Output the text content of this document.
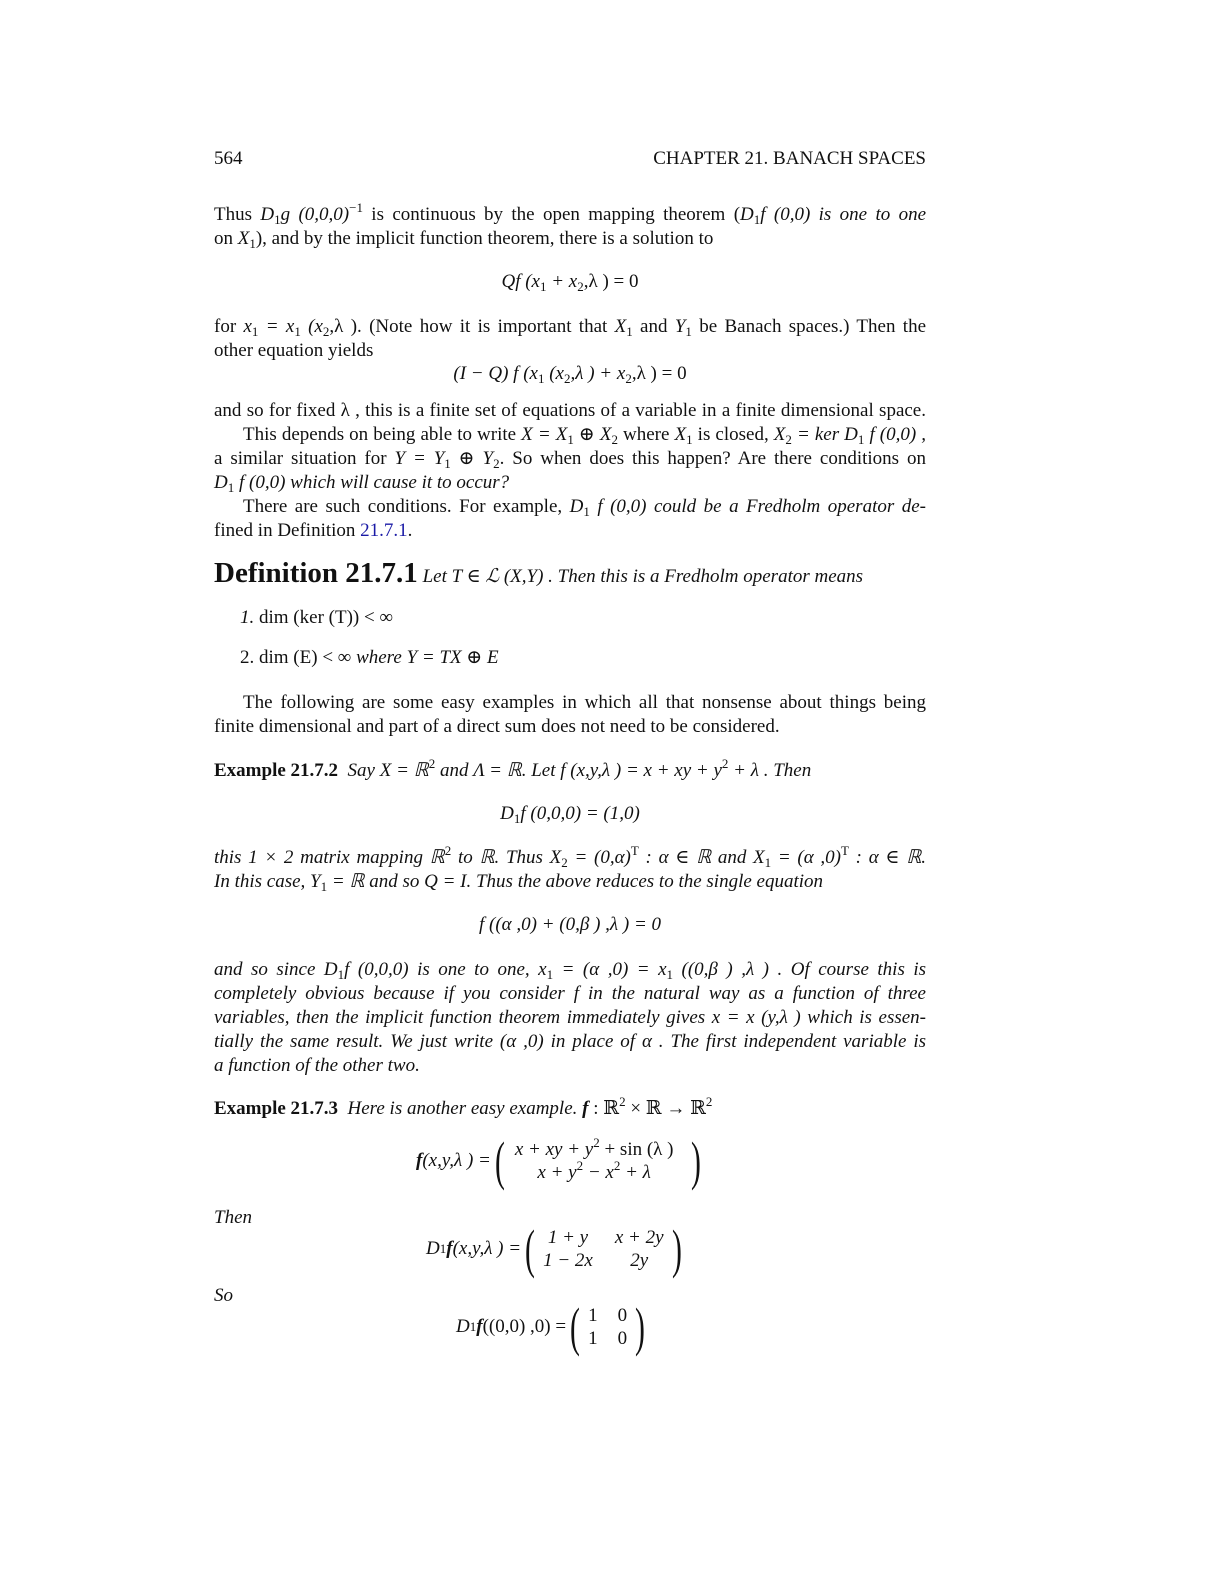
564	CHAPTER 21. BANACH SPACES
Thus $D_1g$ $(0,0,0)^{-1}$ is continuous by the open mapping theorem ($D_1f$ (0,0) is one to one
on $X_1$), and by the implicit function theorem, there is a solution to
Qf ($x_1 + x_2,\lambda$ ) = 0
for $x_1 = x_1$ ($x_2,\lambda$ ). (Note how it is important that $X_1$ and $Y_1$ be Banach spaces.) Then the
other equation yields
(I − Q) f ($x_1$ ($x_2,\lambda$ ) + $x_2,\lambda$ ) = 0
and so for fixed λ , this is a finite set of equations of a variable in a finite dimensional space.
This depends on being able to write $X = X_1$ ⊕ $X_2$ where $X_1$ is closed, $X_2$ = ker $D_1$ f (0,0) ,
a similar situation for $Y = Y_1$ ⊕ $Y_2$. So when does this happen? Are there conditions on
$D_1$ f (0,0) which will cause it to occur?
There are such conditions. For example, $D_1$ f (0,0) could be a Fredholm operator de-
fined in Definition 21.7.1.
Definition 21.7.1 Let T ∈ ℒ (X,Y) . Then this is a Fredholm operator means
1. dim (ker (T)) < ∞
2. dim (E) < ∞ where Y = TX ⊕ E
The following are some easy examples in which all that nonsense about things being
finite dimensional and part of a direct sum does not need to be considered.
Example 21.7.2 Say X = ℝ$^2$ and Λ = ℝ. Let f (x,y,λ ) = x + xy + $y^2 + \lambda$ . Then
$D_1f$ (0,0,0) = (1,0)
this 1 × 2 matrix mapping ℝ$^2$ to ℝ. Thus $X_2 = (0,\alpha)^T$ : α ∈ ℝ and $X_1 = (\alpha$ ,0)$^T$ : α ∈ ℝ.
In this case, $Y_1$ = ℝ and so Q = I. Thus the above reduces to the single equation
f ((α ,0) + (0,β ) ,λ ) = 0
and so since $D_1f$ (0,0,0) is one to one, $x_1 = (\alpha$ $,0) = x_1$ ((0,β ) ,λ ) . Of course this is
completely obvious because if you consider f in the natural way as a function of three
variables, then the implicit function theorem immediately gives x = x (y,λ ) which is essen-
tially the same result. We just write (α ,0) in place of α . The first independent variable is
a function of the other two.
Example 21.7.3 Here is another easy example. f : ℝ$^2$ × ℝ → ℝ$^2$
f (x,y,λ ) = ( x + xy + $y^2 + \sin (\lambda$ )
$x + y^2 - x^2 + \lambda$ )
Then
D 1 f (x,y,λ ) = ( 1 + y x + 2y
1 − 2x	2y )
So
D 1 f ((0,0) ,0) = ( 1 0
1 0 )
